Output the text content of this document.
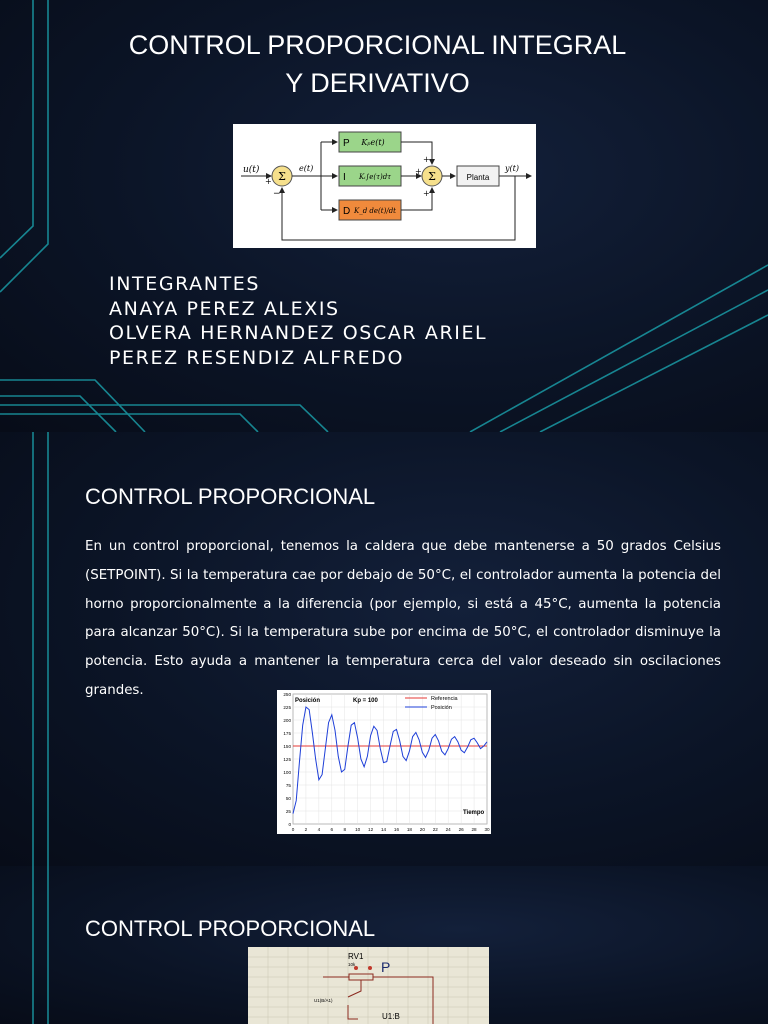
CONTROL PROPORCIONAL INTEGRAL
Y DERIVATIVO
u(t) Σ
+
−
e(t)
P Kₚe(t)
I Kᵢ∫e(τ)dτ
D K_d de(t)/dt
Σ
+
+
+
Planta
y(t)
INTEGRANTES
ANAYA PEREZ ALEXIS
OLVERA HERNANDEZ OSCAR ARIEL
PEREZ RESENDIZ ALFREDO
CONTROL PROPORCIONAL
En un control proporcional, tenemos la caldera que debe mantenerse a 50 grados Celsius (SETPOINT). Si la temperatura cae por debajo de 50°C, el controlador aumenta la potencia del horno proporcionalmente a la diferencia (por ejemplo, si está a 45°C, aumenta la potencia para alcanzar 50°C). Si la temperatura sube por encima de 50°C, el controlador disminuye la potencia. Esto ayuda a mantener la temperatura cerca del valor deseado sin oscilaciones grandes.
0
25
50
75
100
125
150
175
200
225
250
0 2 4 6 8 10 12 14 16 18 20 22 24 26 28 30
Posición	Kp = 100	Referencia
Posición
Tiempo
CONTROL PROPORCIONAL
RV1
10k P
U1(B/A1)
U1:B
